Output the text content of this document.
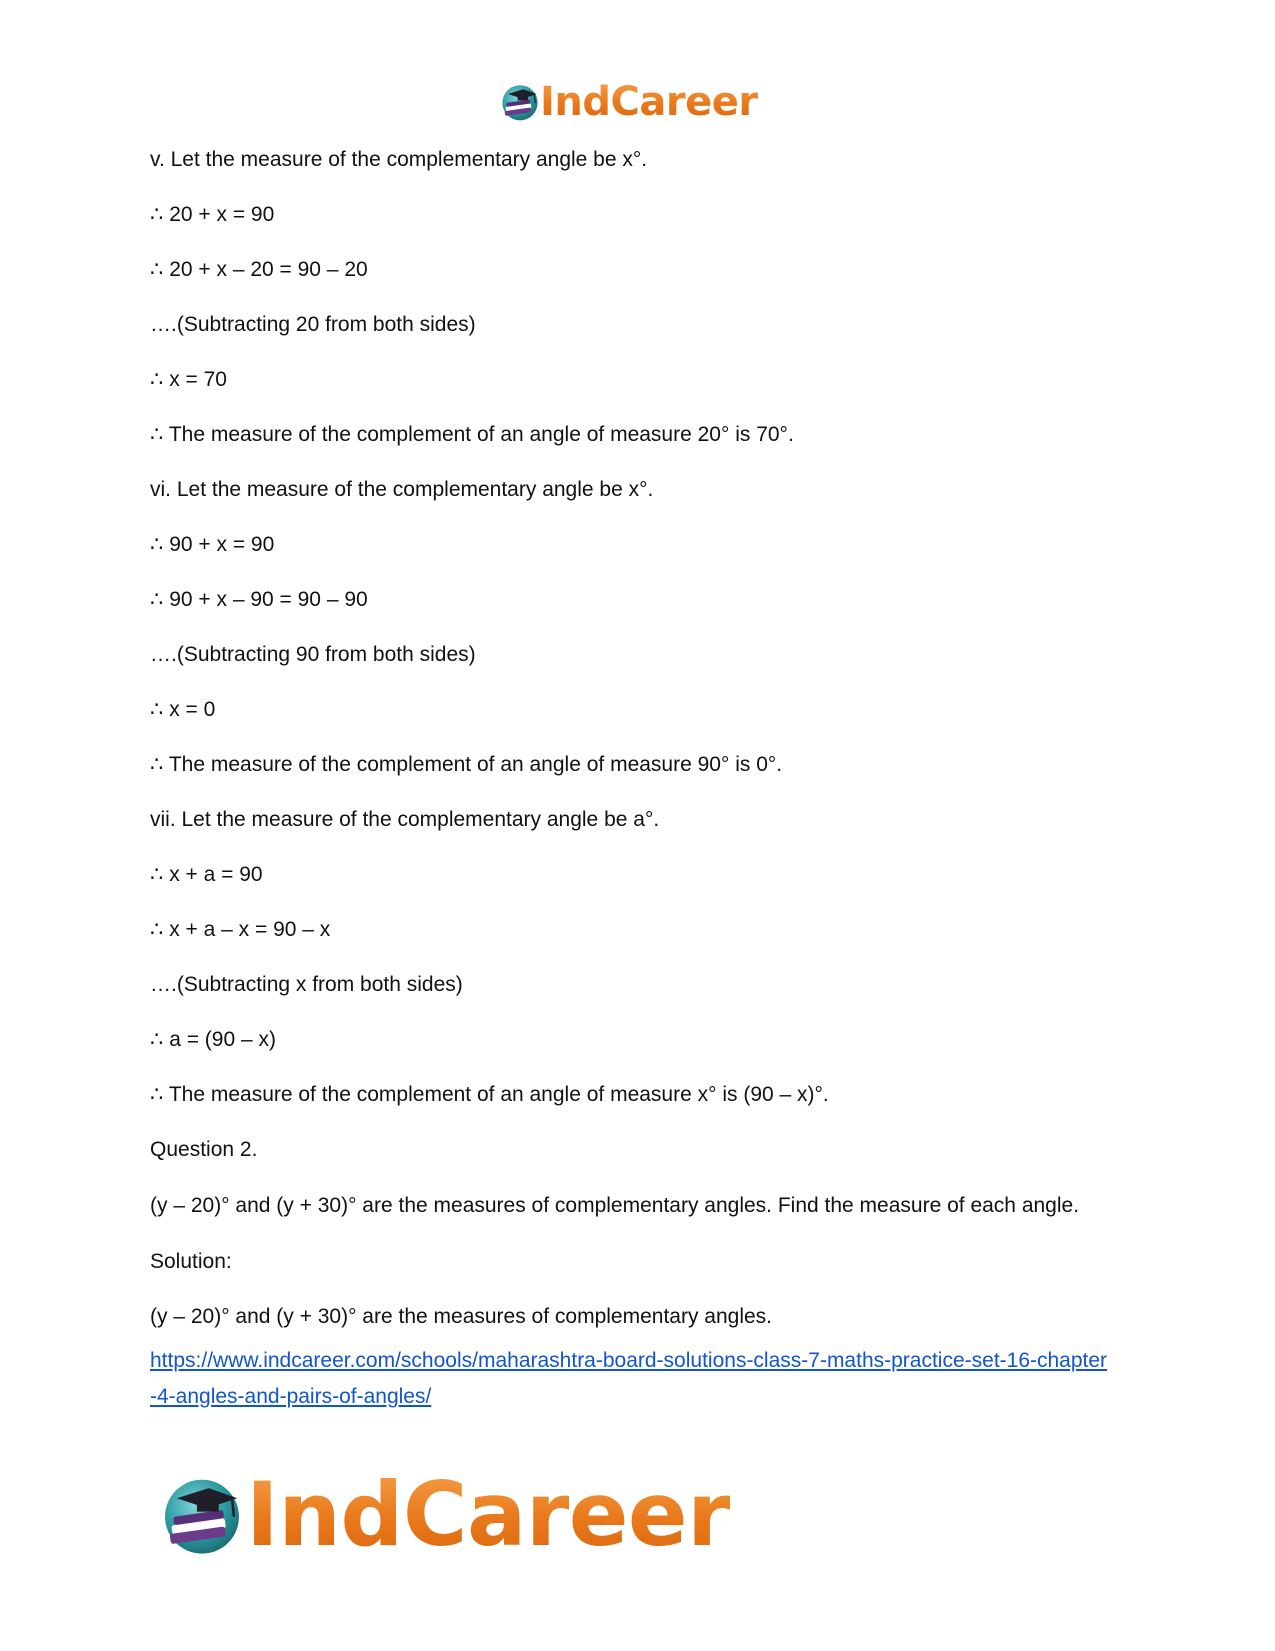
IndCareer

v. Let the measure of the complementary angle be x°.

∴ 20 + x = 90

∴ 20 + x – 20 = 90 – 20

….(Subtracting 20 from both sides)

∴ x = 70

∴ The measure of the complement of an angle of measure 20° is 70°.

vi. Let the measure of the complementary angle be x°.

∴ 90 + x = 90

∴ 90 + x – 90 = 90 – 90

….(Subtracting 90 from both sides)

∴ x = 0

∴ The measure of the complement of an angle of measure 90° is 0°.

vii. Let the measure of the complementary angle be a°.

∴ x + a = 90

∴ x + a – x = 90 – x

….(Subtracting x from both sides)

∴ a = (90 – x)

∴ The measure of the complement of an angle of measure x° is (90 – x)°.

Question 2.

(y – 20)° and (y + 30)° are the measures of complementary angles. Find the measure of each angle.

Solution:

(y – 20)° and (y + 30)° are the measures of complementary angles.

https://www.indcareer.com/schools/maharashtra-board-solutions-class-7-maths-practice-set-16-chapter-4-angles-and-pairs-of-angles/
IndCareer
